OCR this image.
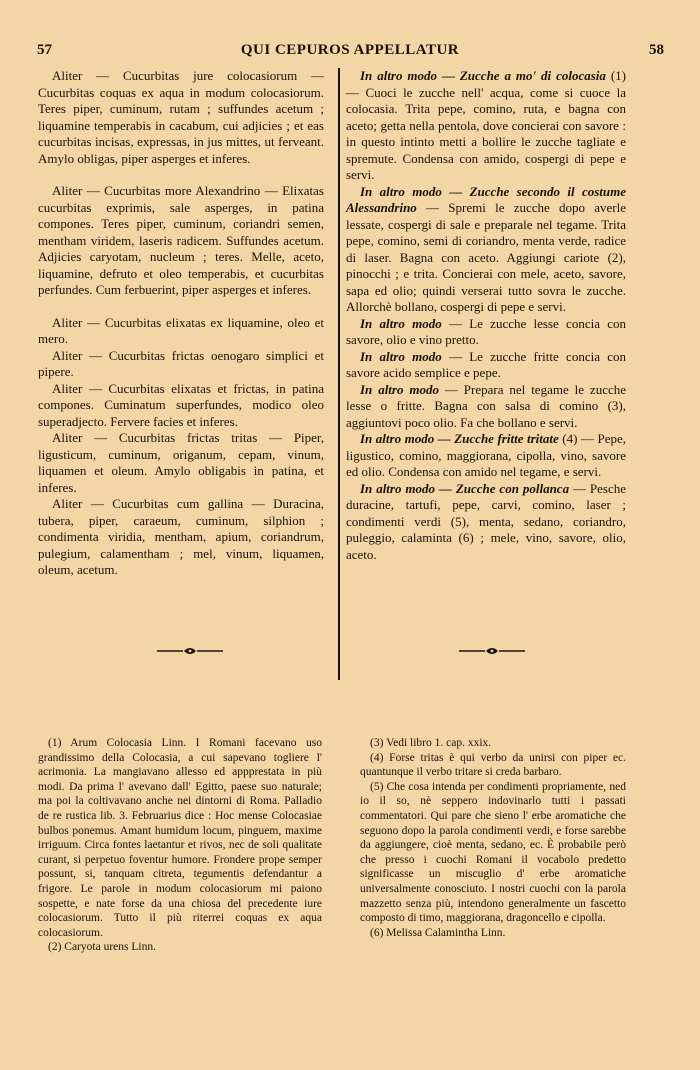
57	QUI CEPUROS APPELLATUR	58

Aliter — Cucurbitas jure colocasiorum — Cucurbitas coquas ex aqua in modum colocasiorum. Teres piper, cuminum, rutam ; suffundes acetum ; liquamine temperabis in cacabum, cui adjicies ; et eas cucurbitas incisas, expressas, in jus mittes, ut ferveant. Amylo obligas, piper asperges et inferes.

Aliter — Cucurbitas more Alexandrino — Elixatas cucurbitas exprimis, sale asperges, in patina compones. Teres piper, cuminum, coriandri semen, mentham viridem, laseris radicem. Suffundes acetum. Adjicies caryotam, nucleum ; teres. Melle, aceto, liquamine, defruto et oleo temperabis, et cucurbitas perfundes. Cum ferbuerint, piper asperges et inferes.

Aliter — Cucurbitas elixatas ex liquamine, oleo et mero.

Aliter — Cucurbitas frictas oenogaro simplici et pipere.

Aliter — Cucurbitas elixatas et frictas, in patina compones. Cuminatum superfundes, modico oleo superadjecto. Fervere facies et inferes.

Aliter — Cucurbitas frictas tritas — Piper, ligusticum, cuminum, origanum, cepam, vinum, liquamen et oleum. Amylo obligabis in patina, et inferes.

Aliter — Cucurbitas cum gallina — Duracina, tubera, piper, caraeum, cuminum, silphion ; condimenta viridia, mentham, apium, coriandrum, pulegium, calamentham ; mel, vinum, liquamen, oleum, acetum.

In altro modo — Zucche a mo' di colocasia (1) — Cuoci le zucche nell' acqua, come si cuoce la colocasia. Trita pepe, comino, ruta, e bagna con aceto; getta nella pentola, dove concierai con savore : in questo intinto metti a bollire le zucche tagliate e spremute. Condensa con amido, cospergi di pepe e servi.

In altro modo — Zucche secondo il costume Alessandrino — Spremi le zucche dopo averle lessate, cospergi di sale e preparale nel tegame. Trita pepe, comino, semi di coriandro, menta verde, radice di laser. Bagna con aceto. Aggiungi cariote (2), pinocchi ; e trita. Concierai con mele, aceto, savore, sapa ed olio; quindi verserai tutto sovra le zucche. Allorchè bollano, cospergi di pepe e servi.

In altro modo — Le zucche lesse concia con savore, olio e vino pretto.

In altro modo — Le zucche fritte concia con savore acido semplice e pepe.

In altro modo — Prepara nel tegame le zucche lesse o fritte. Bagna con salsa di comino (3), aggiuntovi poco olio. Fa che bollano e servi.

In altro modo — Zucche fritte tritate (4) — Pepe, ligustico, comino, maggiorana, cipolla, vino, savore ed olio. Condensa con amido nel tegame, e servi.

In altro modo — Zucche con pollanca — Pesche duracine, tartufi, pepe, carvi, comino, laser ; condimenti verdi (5), menta, sedano, coriandro, puleggio, calaminta (6) ; mele, vino, savore, olio, aceto.

(1) Arum Colocasia Linn. I Romani facevano uso grandissimo della Colocasia, a cui sapevano togliere l' acrimonia. La mangiavano allesso ed appprestata in più modi. Da prima l' avevano dall' Egitto, paese suo naturale; ma poi la coltivavano anche nei dintorni di Roma. Palladio de re rustica lib. 3. Februarius dice : Hoc mense Colocasiae bulbos ponemus. Amant humidum locum, pinguem, maxime irriguum. Circa fontes laetantur et rivos, nec de soli qualitate curant, si perpetuo foventur humore. Frondere prope semper possunt, si, tanquam citreta, tegumentis defendantur a frigore. Le parole in modum colocasiorum mi paiono sospette, e nate forse da una chiosa del precedente iure colocasiorum. Tutto il più riterrei coquas ex aqua colocasiorum.

(2) Caryota urens Linn.

(3) Vedi libro 1. cap. xxix.

(4) Forse tritas è qui verbo da unirsi con piper ec. quantunque il verbo tritare si creda barbaro.

(5) Che cosa intenda per condimenti propriamente, ned io il so, nè seppero indovinarlo tutti i passati commentatori. Qui pare che sieno l' erbe aromatiche che seguono dopo la parola condimenti verdi, e forse sarebbe da aggiungere, cioè menta, sedano, ec. È probabile però che presso i cuochi Romani il vocabolo predetto significasse un miscuglio d' erbe aromatiche universalmente conosciuto. I nostri cuochi con la parola mazzetto senza più, intendono generalmente un fascetto composto di timo, maggiorana, dragoncello e cipolla.

(6) Melissa Calamintha Linn.
